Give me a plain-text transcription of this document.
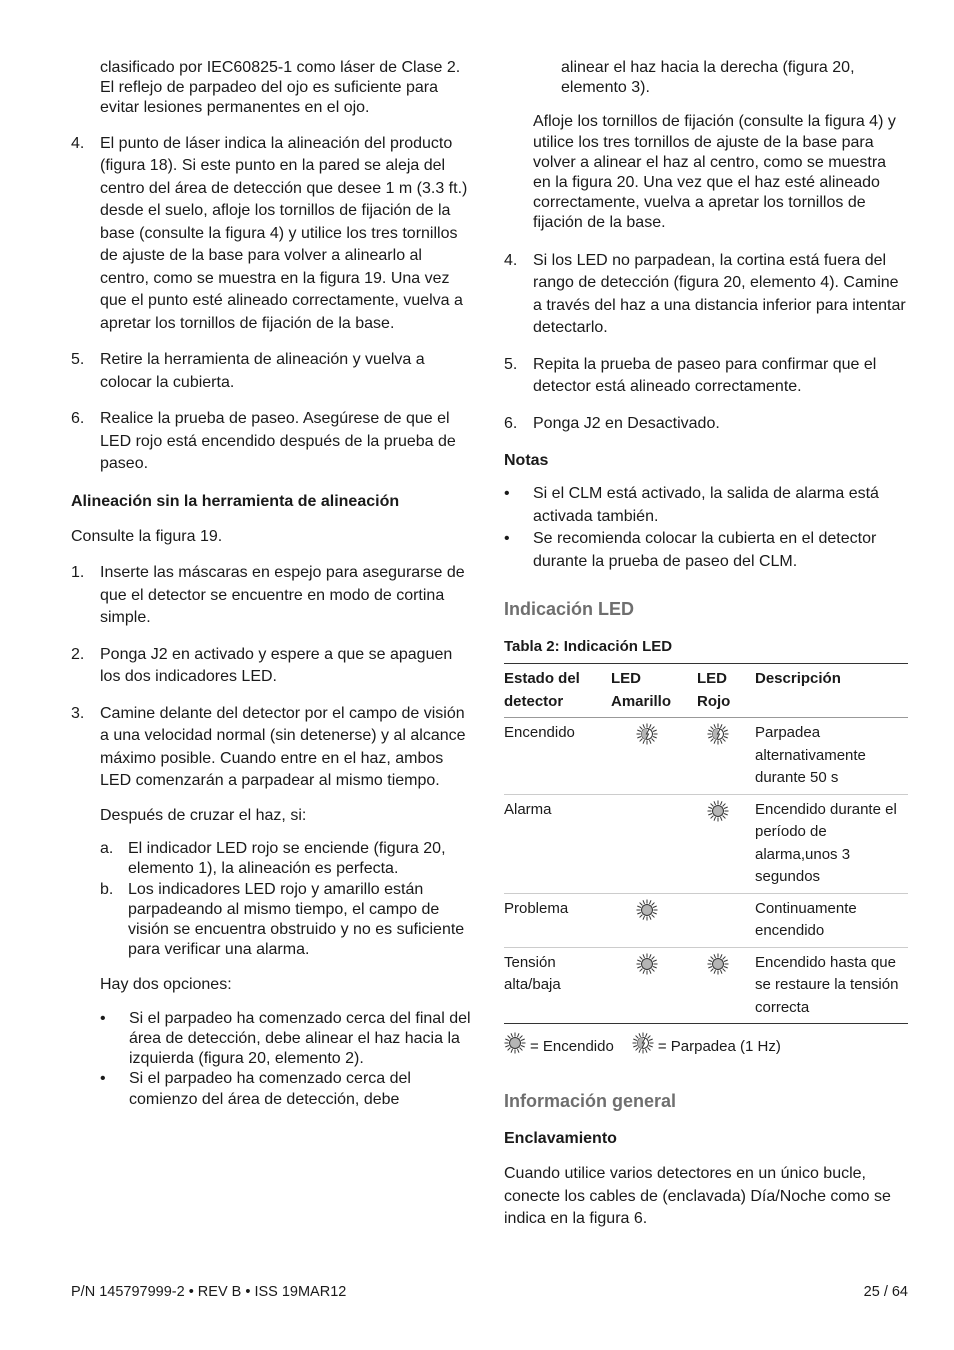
clasificado por IEC60825-1 como láser de Clase 2. El reflejo de parpadeo del ojo es suficiente para evitar lesiones permanentes en el ojo.
4. El punto de láser indica la alineación del producto (figura 18). Si este punto en la pared se aleja del centro del área de detección que desee 1 m (3.3 ft.) desde el suelo, afloje los tornillos de fijación de la base (consulte la figura 4) y utilice los tres tornillos de ajuste de la base para volver a alinearlo al centro, como se muestra en la figura 19. Una vez que el punto esté alineado correctamente, vuelva a apretar los tornillos de fijación de la base.
5. Retire la herramienta de alineación y vuelva a colocar la cubierta.
6. Realice la prueba de paseo. Asegúrese de que el LED rojo está encendido después de la prueba de paseo.
Alineación sin la herramienta de alineación
Consulte la figura 19.
1. Inserte las máscaras en espejo para asegurarse de que el detector se encuentre en modo de cortina simple.
2. Ponga J2 en activado y espere a que se apaguen los dos indicadores LED.
3. Camine delante del detector por el campo de visión a una velocidad normal (sin detenerse) y al alcance máximo posible. Cuando entre en el haz, ambos LED comenzarán a parpadear al mismo tiempo.
Después de cruzar el haz, si:
a. El indicador LED rojo se enciende (figura 20, elemento 1), la alineación es perfecta.
b. Los indicadores LED rojo y amarillo están parpadeando al mismo tiempo, el campo de visión se encuentra obstruido y no es suficiente para verificar una alarma.
Hay dos opciones:
•	Si el parpadeo ha comenzado cerca del final del área de detección, debe alinear el haz hacia la izquierda (figura 20, elemento 2).
•	Si el parpadeo ha comenzado cerca del comienzo del área de detección, debe
alinear el haz hacia la derecha (figura 20, elemento 3).
Afloje los tornillos de fijación (consulte la figura 4) y utilice los tres tornillos de ajuste de la base para volver a alinear el haz al centro, como se muestra en la figura 20. Una vez que el haz esté alineado correctamente, vuelva a apretar los tornillos de fijación de la base.
4. Si los LED no parpadean, la cortina está fuera del rango de detección (figura 20, elemento 4). Camine a través del haz a una distancia inferior para intentar detectarlo.
5. Repita la prueba de paseo para confirmar que el detector está alineado correctamente.
6. Ponga J2 en Desactivado.
Notas
•	Si el CLM está activado, la salida de alarma está activada también.
•	Se recomienda colocar la cubierta en el detector durante la prueba de paseo del CLM.
Indicación LED
Tabla 2: Indicación LED
Estado del detector	LED Amarillo	LED Rojo	Descripción
Encendido			Parpadea alternativamente durante 50 s
Alarma			Encendido durante el período de alarma,unos 3 segundos
Problema			Continuamente encendido
Tensión alta/baja			Encendido hasta que se restaure la tensión correcta
= Encendido	= Parpadea (1 Hz)
Información general
Enclavamiento
Cuando utilice varios detectores en un único bucle, conecte los cables de (enclavada) Día/Noche como se indica en la figura 6.
P/N 145797999-2 • REV B • ISS 19MAR12	25 / 64
